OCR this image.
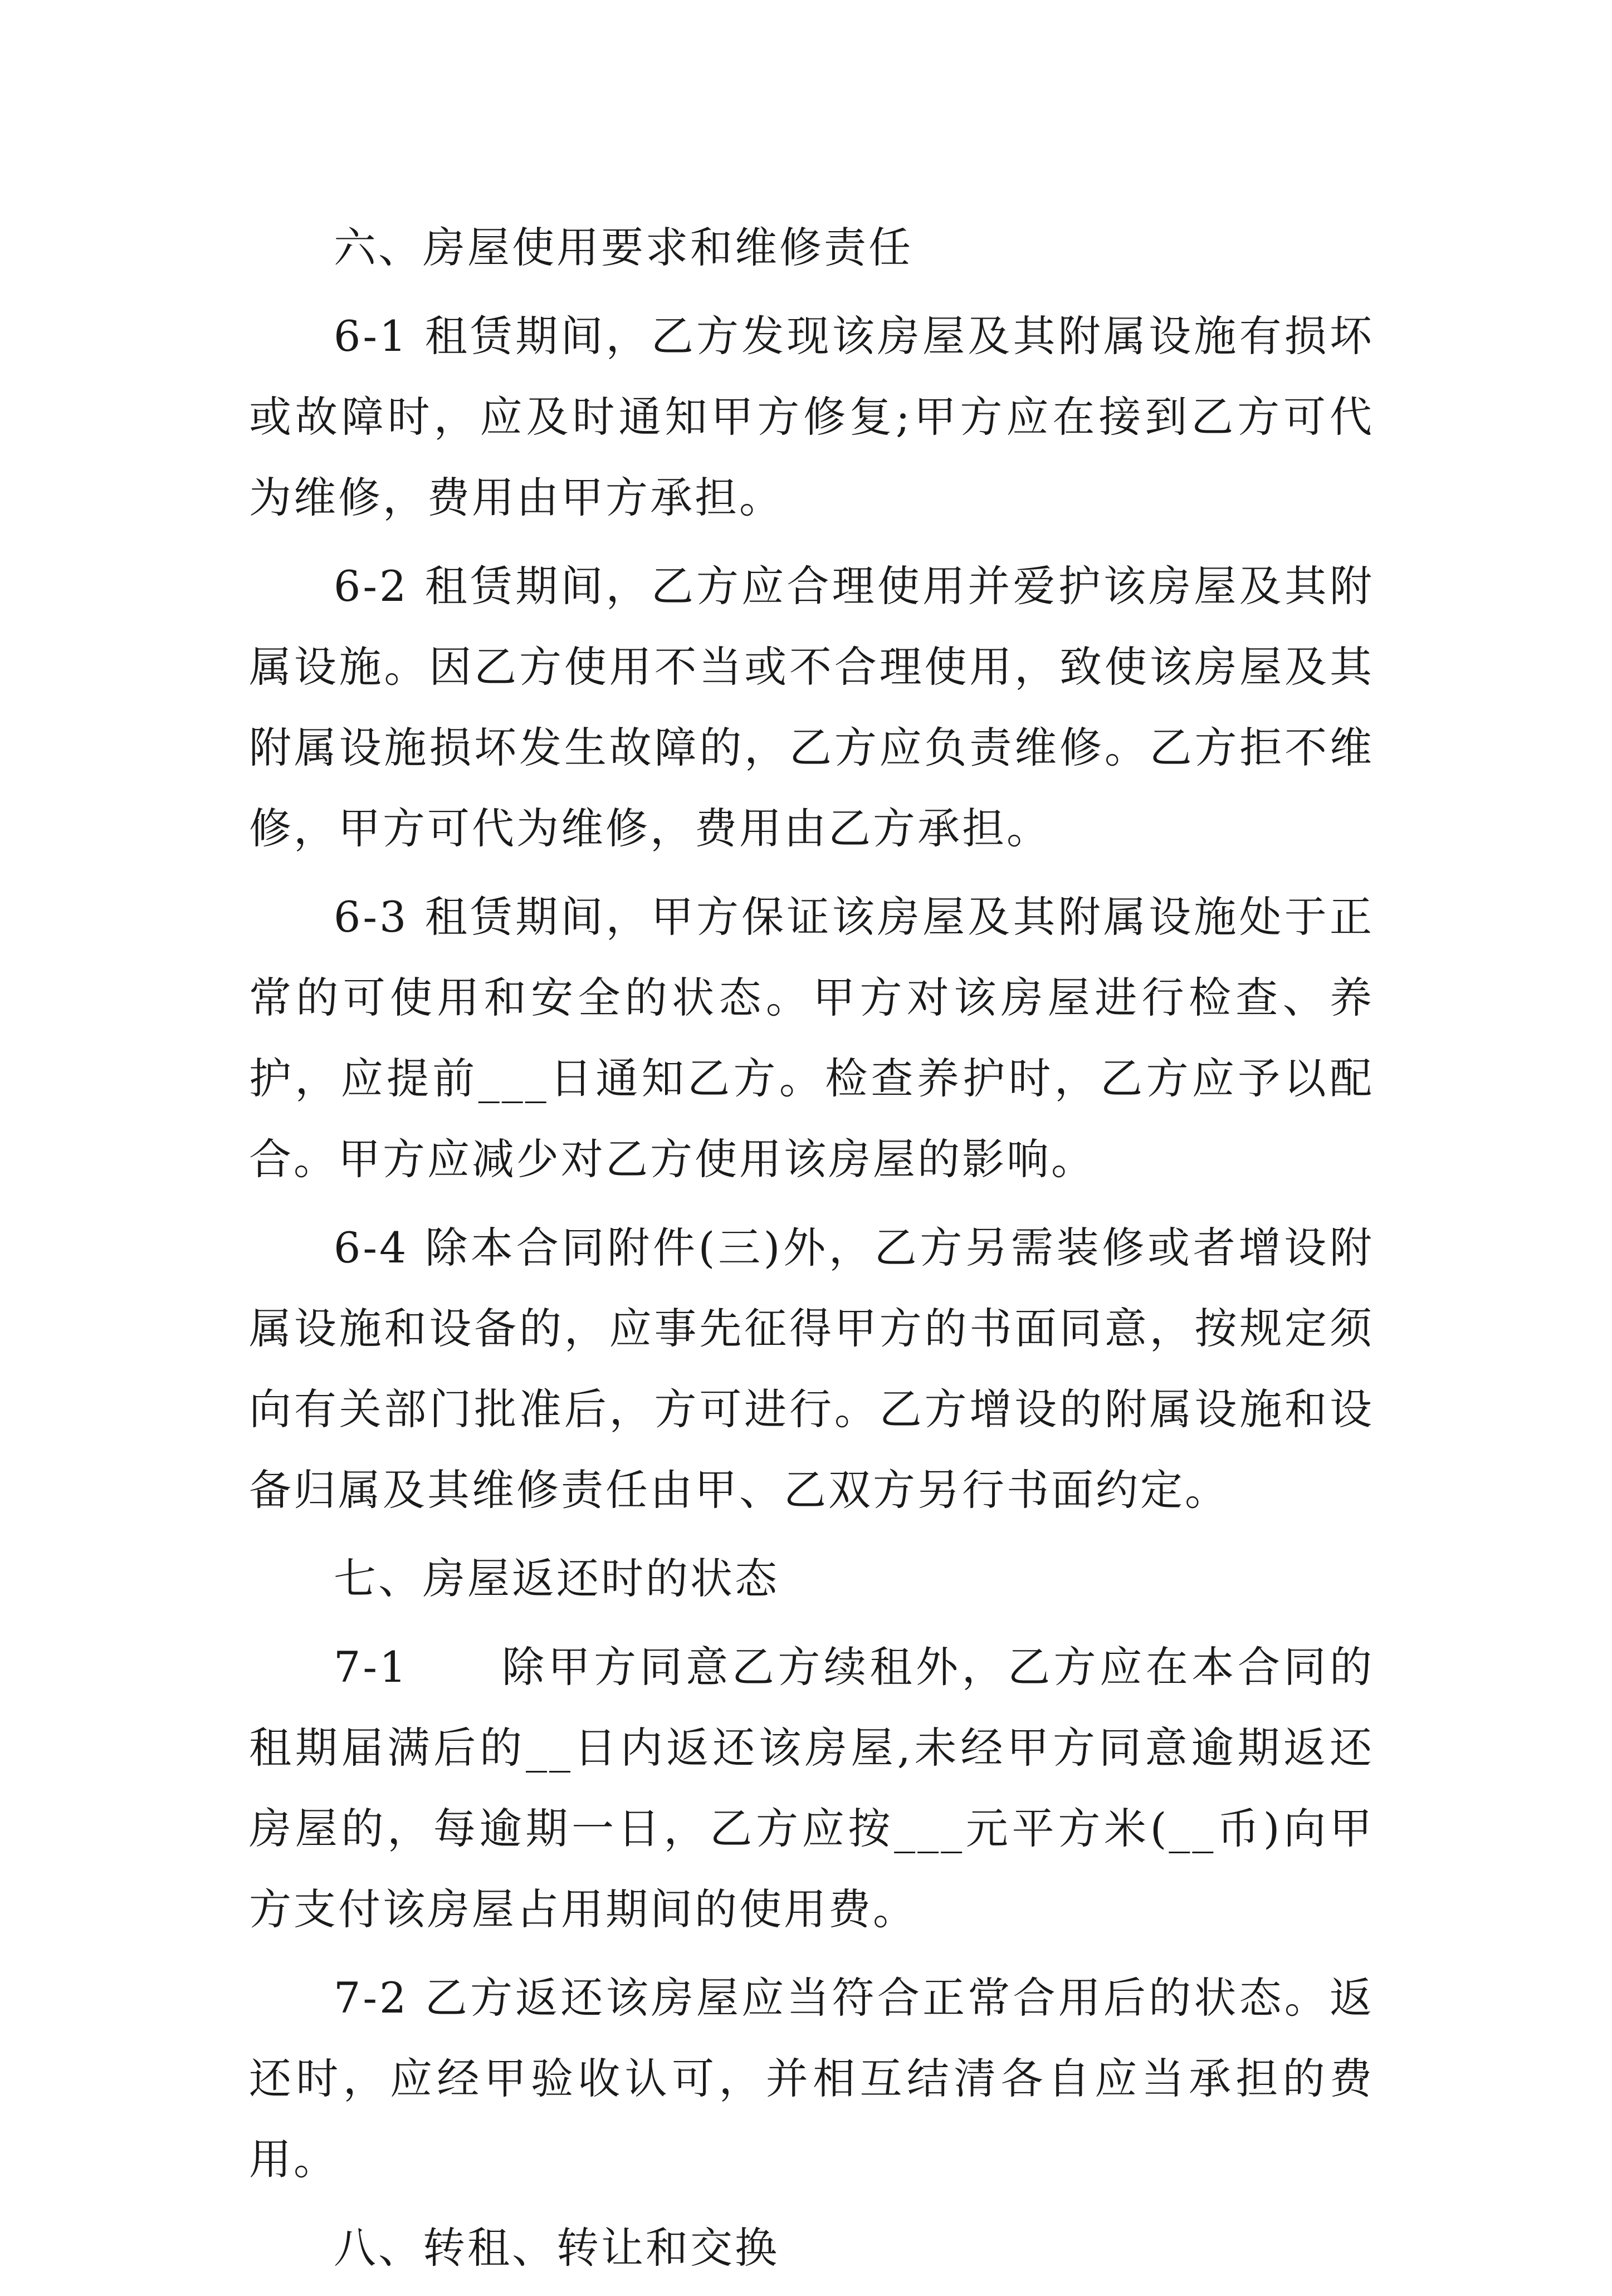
六、房屋使用要求和维修责任

6-1 租赁期间，乙方发现该房屋及其附属设施有损坏或故障时，应及时通知甲方修复;甲方应在接到乙方可代为维修，费用由甲方承担。

6-2 租赁期间，乙方应合理使用并爱护该房屋及其附属设施。因乙方使用不当或不合理使用，致使该房屋及其附属设施损坏发生故障的，乙方应负责维修。乙方拒不维修，甲方可代为维修，费用由乙方承担。

6-3 租赁期间，甲方保证该房屋及其附属设施处于正常的可使用和安全的状态。甲方对该房屋进行检查、养护，应提前___日通知乙方。检查养护时，乙方应予以配合。甲方应减少对乙方使用该房屋的影响。

6-4 除本合同附件(三)外，乙方另需装修或者增设附属设施和设备的，应事先征得甲方的书面同意，按规定须向有关部门批准后，方可进行。乙方增设的附属设施和设备归属及其维修责任由甲、乙双方另行书面约定。

七、房屋返还时的状态

7-1　　除甲方同意乙方续租外，乙方应在本合同的租期届满后的__日内返还该房屋,未经甲方同意逾期返还房屋的，每逾期一日，乙方应按___元平方米(__币)向甲方支付该房屋占用期间的使用费。

7-2 乙方返还该房屋应当符合正常合用后的状态。返还时，应经甲验收认可，并相互结清各自应当承担的费用。

八、转租、转让和交换
